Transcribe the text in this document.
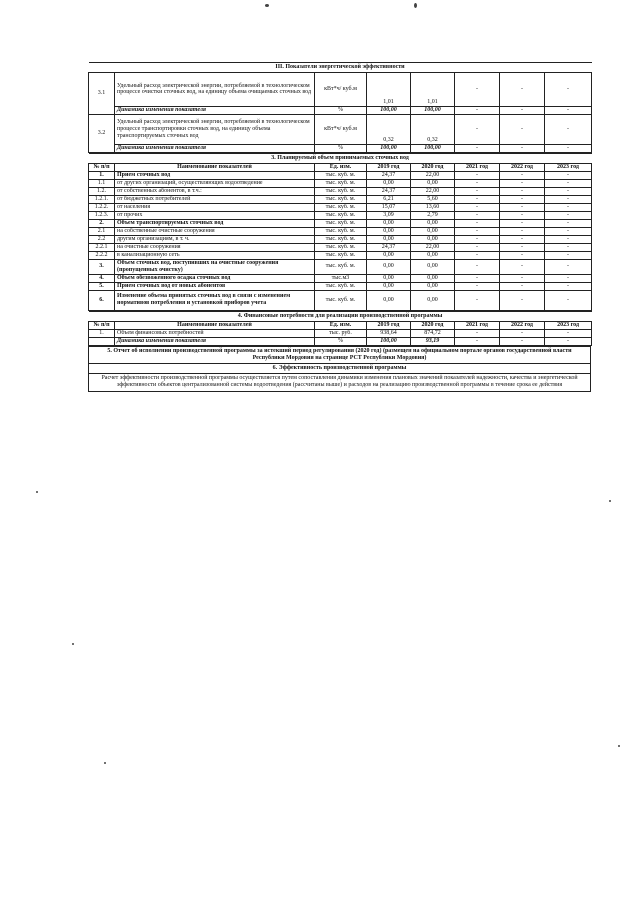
III. Показатели энергетической эффективности							
3.1	Удельный расход электрической энергии, потребляемой в технологическом процессе очистки сточных вод, на единицу объема очищаемых сточных вод	кВт*ч/ куб.м	1,01	1,01	-	-	-
	Динамика изменения показателя	%	100,00	100,00	-	-	-
3.2	Удельный расход электрической энергии, потребляемой в технологическом процессе транспортировки сточных вод, на единицу объема транспортируемых сточных вод	кВт*ч/ куб.м	0,32	0,32	-	-	-
	Динамика изменения показателя	%	100,00	100,00	-	-	-
3. Планируемый объем принимаемых сточных вод							
№ п/п	Наименование показателей	Ед. изм.	2019 год	2020 год	2021 год	2022 год	2023 год
1.	Прием сточных вод	тыс. куб. м.	24,37	22,00	-	-	-
1.1	от других организаций, осуществляющих водоотведение	тыс. куб. м.	0,00	0,00	-	-	-
1.2.	от собственных абонентов, в т.ч.:	тыс. куб. м.	24,37	22,00	-	-	-
1.2.1.	от бюджетных потребителей	тыс. куб. м.	6,21	5,60	-	-	-
1.2.2.	от населения	тыс. куб. м.	15,07	13,60	-	-	-
1.2.3.	от прочих	тыс. куб. м.	3,09	2,79	-	-	-
2.	Объем транспортируемых сточных вод	тыс. куб. м.	0,00	0,00	-	-	-
2.1	на собственные очистные сооружения	тыс. куб. м.	0,00	0,00	-	-	-
2.2	другим организациям, в т. ч.	тыс. куб. м.	0,00	0,00	-	-	-
2.2.1	на очистные сооружения	тыс. куб. м.	24,37	22,00	-	-	-
2.2.2	в канализационную сеть	тыс. куб. м.	0,00	0,00	-	-	-
3.	Объем сточных вод, поступивших на очистные сооружения (пропущенных очистку)	тыс. куб. м.	0,00	0,00	-	-	-
4.	Объем обезвоженного осадка сточных вод	тыс.м3	0,00	0,00	-	-	-
5.	Прием сточных вод от новых абонентов	тыс. куб. м.	0,00	0,00	-	-	-
6.	Изменение объема принятых сточных вод в связи с изменением нормативов потребления и установкой приборов учета	тыс. куб. м.	0,00	0,00	-	-	-
4. Финансовые потребности для реализации производственной программы							
№ п/п	Наименование показателей	Ед. изм.	2019 год	2020 год	2021 год	2022 год	2023 год
1.	Объем финансовых потребностей	тыс. руб.	938,64	874,72	-	-	-
	Динамика изменения показателя	%	100,00	93,19	-	-	-
5. Отчет об исполнении производственной программы за истекший период регулирования (2020 год) (размещен на официальном портале органов государственной власти Республики Мордовия на странице РСТ Республики Мордовия)
6. Эффективность производственной программы
Расчет эффективности производственной программы осуществляется путем сопоставления динамики изменения плановых значений показателей надежности, качества и энергетической эффективности объектов централизованной системы водоотведения (рассчитаны выше) и расходов на реализацию производственной программы в течение срока ее действия
